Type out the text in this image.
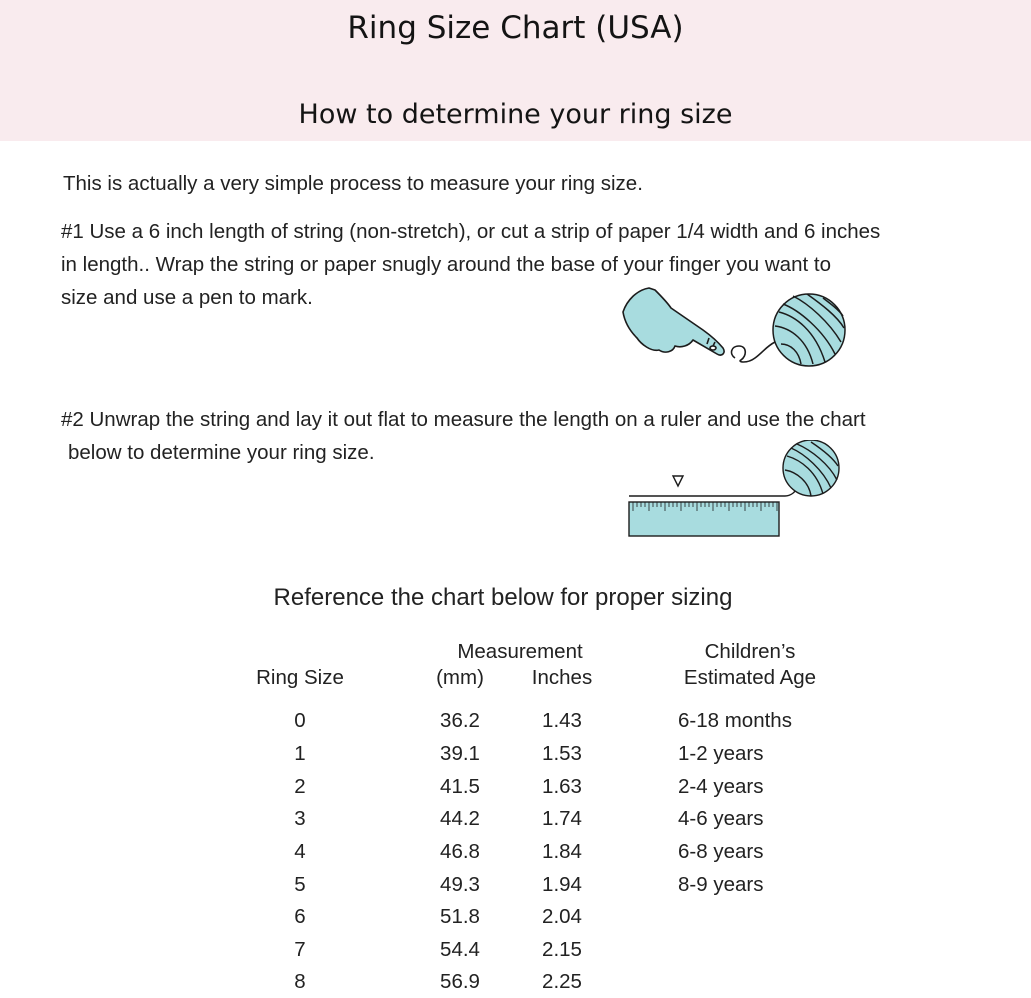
Ring Size Chart (USA)
How to determine your ring size
This is actually a very simple process to measure your ring size.
#1 Use a 6 inch length of string (non-stretch), or cut a strip of paper 1/4 width and 6 inches
in length.. Wrap the string or paper snugly around the base of your finger you want to
size and use a pen to mark.
#2 Unwrap the string and lay it out flat to measure the length on a ruler and use the chart
below to determine your ring size.
Reference the chart below for proper sizing
Ring Size
Measurement
(mm)	Inches
Children’s
Estimated Age
0	36.2	1.43	6-18 months
1	39.1	1.53	1-2 years
2	41.5	1.63	2-4 years
3	44.2	1.74	4-6 years
4	46.8	1.84	6-8 years
5	49.3	1.94	8-9 years
6	51.8	2.04
7	54.4	2.15
8	56.9	2.25
